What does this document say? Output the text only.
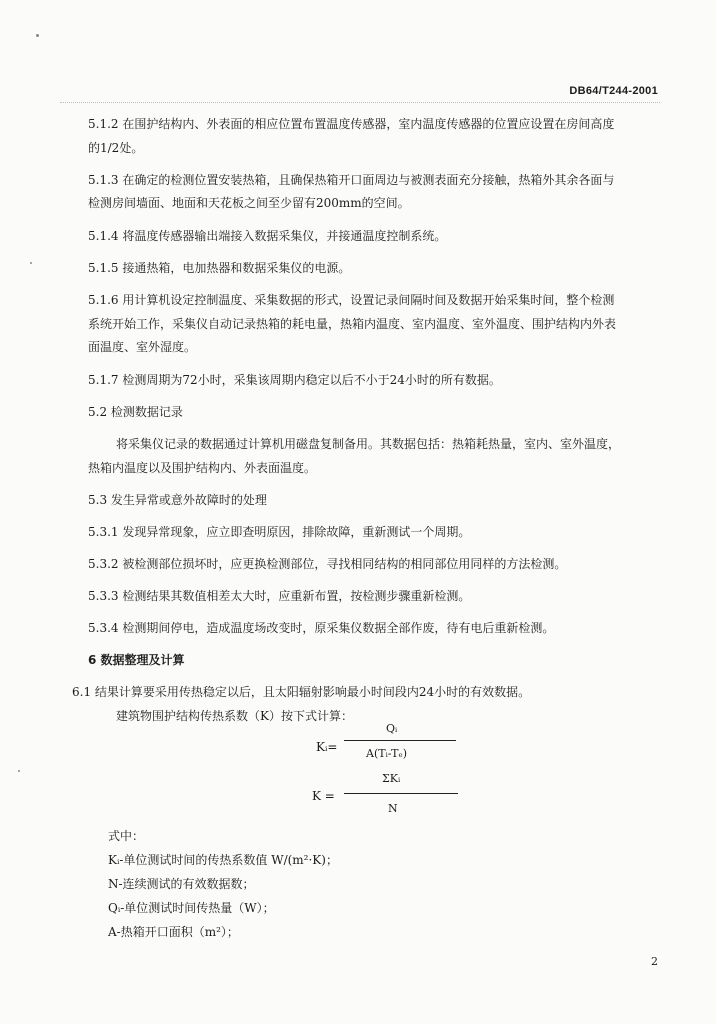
DB64/T244-2001
5.1.2 在围护结构内、外表面的相应位置布置温度传感器，室内温度传感器的位置应设置在房间高度
的1/2处。
5.1.3 在确定的检测位置安装热箱，且确保热箱开口面周边与被测表面充分接触，热箱外其余各面与
检测房间墙面、地面和天花板之间至少留有200mm的空间。
5.1.4 将温度传感器输出端接入数据采集仪，并接通温度控制系统。
5.1.5 接通热箱，电加热器和数据采集仪的电源。
5.1.6 用计算机设定控制温度、采集数据的形式，设置记录间隔时间及数据开始采集时间，整个检测
系统开始工作，采集仪自动记录热箱的耗电量，热箱内温度、室内温度、室外温度、围护结构内外表
面温度、室外湿度。
5.1.7 检测周期为72小时，采集该周期内稳定以后不小于24小时的所有数据。
5.2 检测数据记录
将采集仪记录的数据通过计算机用磁盘复制备用。其数据包括：热箱耗热量，室内、室外温度，
热箱内温度以及围护结构内、外表面温度。
5.3 发生异常或意外故障时的处理
5.3.1 发现异常现象，应立即查明原因，排除故障，重新测试一个周期。
5.3.2 被检测部位损坏时，应更换检测部位，寻找相同结构的相同部位用同样的方法检测。
5.3.3 检测结果其数值相差太大时，应重新布置，按检测步骤重新检测。
5.3.4 检测期间停电，造成温度场改变时，原采集仪数据全部作废，待有电后重新检测。
6 数据整理及计算
6.1 结果计算要采用传热稳定以后，且太阳辐射影响最小时间段内24小时的有效数据。
建筑物围护结构传热系数（K）按下式计算：
Kᵢ=
Qᵢ
A(Tᵢ-Tₑ)
K =
ΣKᵢ
N
式中：
Kᵢ-单位测试时间的传热系数值 W/(m²·K)；
N-连续测试的有效数据数；
Qᵢ-单位测试时间传热量（W）；
A-热箱开口面积（m²）；
2
